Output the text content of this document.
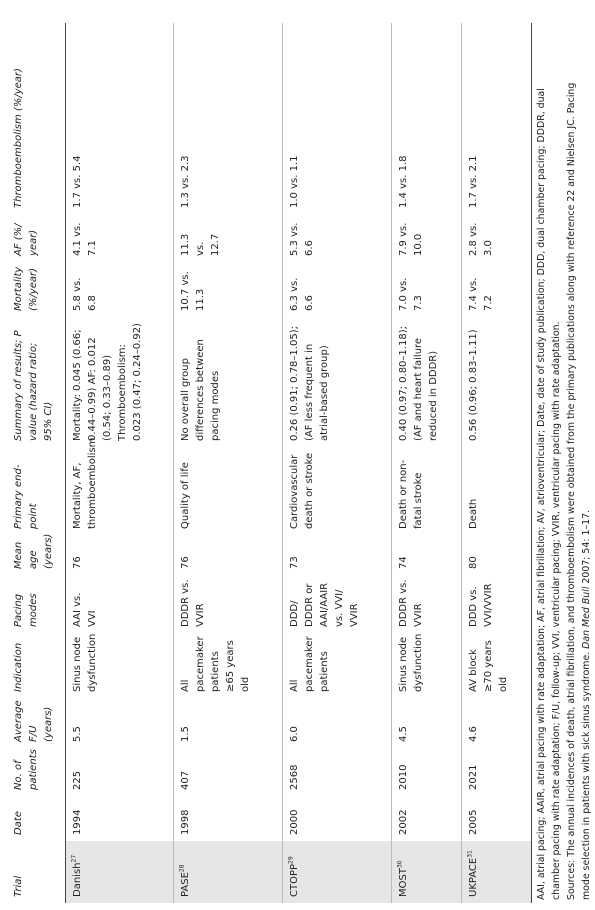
Trial	Date	No. of patients	Average F/U (years)	Indication	Pacing modes	Mean age (years)	Primary end-point	Summary of results; P value (hazard ratio; 95% CI)	Mortality (%/year)	AF (%/ year)	Thromboembolism (%/year)
Danish$^{27}$	1994	225	5.5	Sinus node dysfunction	AAI vs. VVI	76	Mortality, AF, thromboembolism	Mortality: 0.045 (0.66; 0.44–0.99) AF: 0.012 (0.54; 0.33–0.89) Thromboembolism: 0.023 (0.47; 0.24–0.92)	5.8 vs. 6.8	4.1 vs. 7.1	1.7 vs. 5.4
PASE$^{28}$	1998	407	1.5	All pacemaker patients ≥65 years old	DDDR vs. VVIR	76	Quality of life	No overall group differences between pacing modes	10.7 vs. 11.3	11.3 vs. 12.7	1.3 vs. 2.3
CTOPP$^{29}$	2000	2568	6.0	All pacemaker patients	DDD/ DDDR or AAI/AAIR vs. VVI/ VVIR	73	Cardiovascular death or stroke	0.26 (0.91; 0.78–1.05); (AF less frequent in atrial-based group)	6.3 vs. 6.6	5.3 vs. 6.6	1.0 vs. 1.1
MOST$^{30}$	2002	2010	4.5	Sinus node dysfunction	DDDR vs. VVIR	74	Death or non-fatal stroke	0.40 (0.97; 0.80–1.18); (AF and heart failure reduced in DDDR)	7.0 vs. 7.3	7.9 vs. 10.0	1.4 vs. 1.8
UKPACE$^{31}$	2005	2021	4.6	AV block ≥70 years old	DDD vs. VVI/VVIR	80	Death	0.56 (0.96; 0.83–1.11)	7.4 vs. 7.2	2.8 vs. 3.0	1.7 vs. 2.1	AAI, atrial pacing; AAIR, atrial pacing with rate adaptation; AF, atrial fibrillation; AV, atrioventricular; Date, date of study publication; DDD, dual chamber pacing; DDDR, dual chamber pacing with rate adaptation; F/U, follow-up; VVI, ventricular pacing; VVIR, ventricular pacing with rate adaptation. Sources: The annual incidences of death, atrial fibrillation, and thromboembolism were obtained from the primary publications along with reference 22 and Nielsen JC. Pacing mode selection in patients with sick sinus syndrome. Dan Med Bull 2007; 54: 1–17.
